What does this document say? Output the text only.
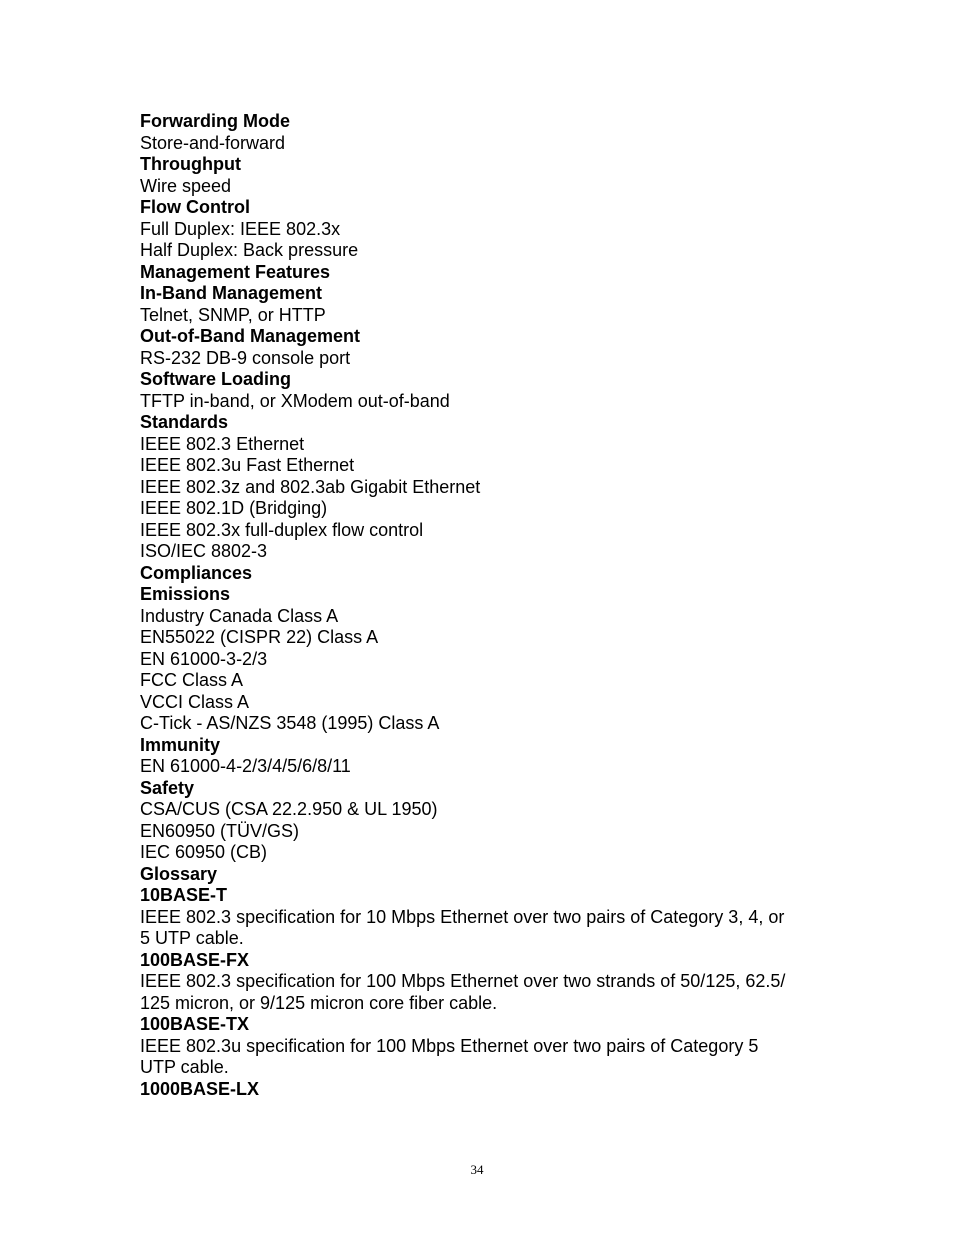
Forwarding Mode
Store-and-forward
Throughput
Wire speed
Flow Control
Full Duplex: IEEE 802.3x
Half Duplex: Back pressure
Management Features
In-Band Management
Telnet, SNMP, or HTTP
Out-of-Band Management
RS-232 DB-9 console port
Software Loading
TFTP in-band, or XModem out-of-band
Standards
IEEE 802.3 Ethernet
IEEE 802.3u Fast Ethernet
IEEE 802.3z and 802.3ab Gigabit Ethernet
IEEE 802.1D (Bridging)
IEEE 802.3x full-duplex flow control
ISO/IEC 8802-3
Compliances
Emissions
Industry Canada Class A
EN55022 (CISPR 22) Class A
EN 61000-3-2/3
FCC Class A
VCCI Class A
C-Tick - AS/NZS 3548 (1995) Class A
Immunity
EN 61000-4-2/3/4/5/6/8/11
Safety
CSA/CUS (CSA 22.2.950 & UL 1950)
EN60950 (TÜV/GS)
IEC 60950 (CB)
Glossary
10BASE-T
IEEE 802.3 specification for 10 Mbps Ethernet over two pairs of Category 3, 4, or
5 UTP cable.
100BASE-FX
IEEE 802.3 specification for 100 Mbps Ethernet over two strands of 50/125, 62.5/
125 micron, or 9/125 micron core fiber cable.
100BASE-TX
IEEE 802.3u specification for 100 Mbps Ethernet over two pairs of Category 5
UTP cable.
1000BASE-LX
34
